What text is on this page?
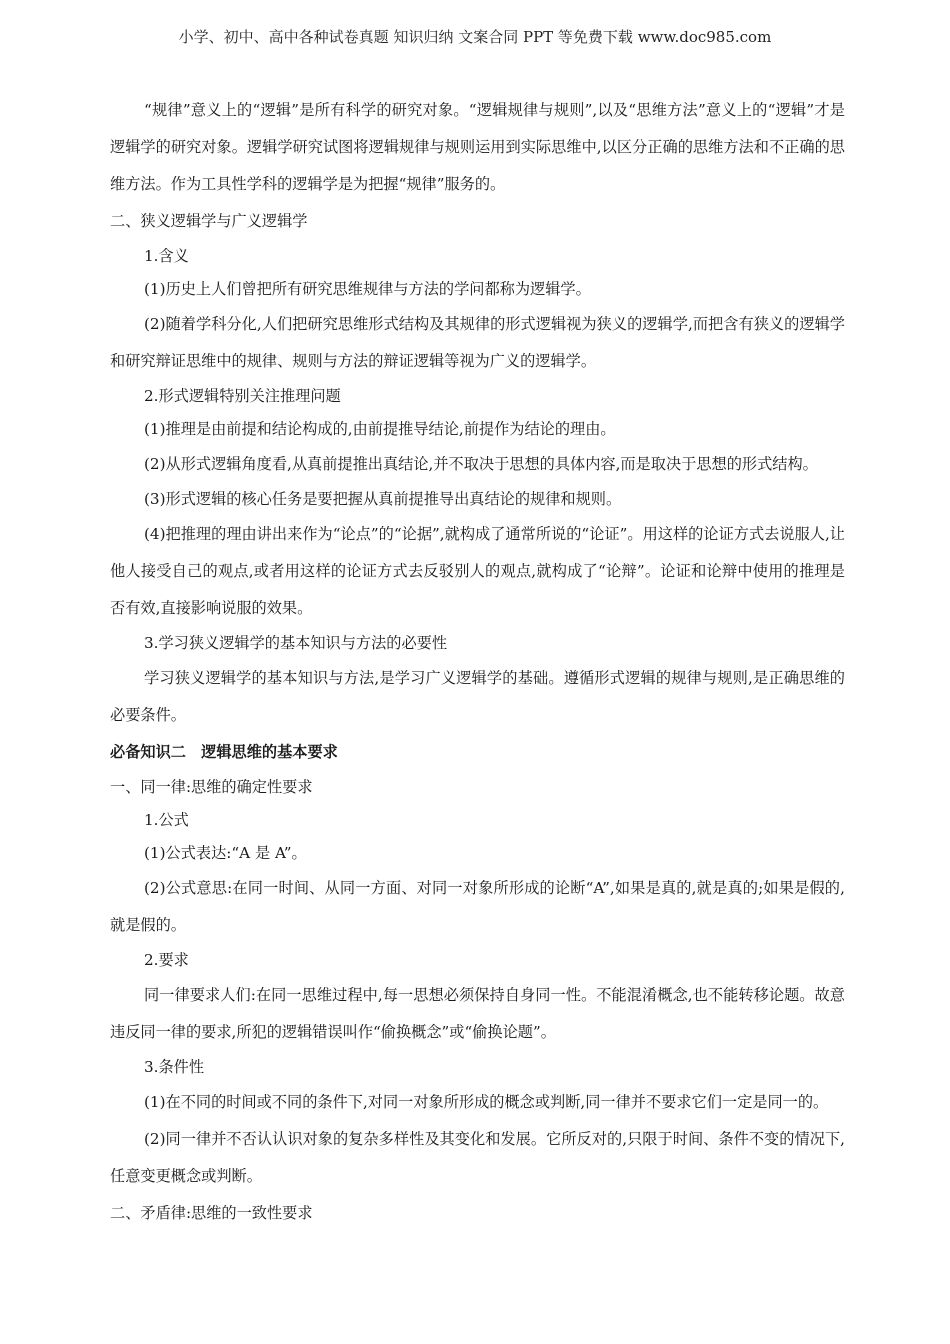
小学、初中、高中各种试卷真题 知识归纳 文案合同 PPT 等免费下载 www.doc985.com

“规律”意义上的“逻辑”是所有科学的研究对象。“逻辑规律与规则”,以及“思维方法”意义上的“逻辑”才是逻辑学的研究对象。逻辑学研究试图将逻辑规律与规则运用到实际思维中,以区分正确的思维方法和不正确的思维方法。作为工具性学科的逻辑学是为把握“规律”服务的。

二、狭义逻辑学与广义逻辑学

1.含义

(1)历史上人们曾把所有研究思维规律与方法的学问都称为逻辑学。

(2)随着学科分化,人们把研究思维形式结构及其规律的形式逻辑视为狭义的逻辑学,而把含有狭义的逻辑学和研究辩证思维中的规律、规则与方法的辩证逻辑等视为广义的逻辑学。

2.形式逻辑特别关注推理问题

(1)推理是由前提和结论构成的,由前提推导结论,前提作为结论的理由。

(2)从形式逻辑角度看,从真前提推出真结论,并不取决于思想的具体内容,而是取决于思想的形式结构。

(3)形式逻辑的核心任务是要把握从真前提推导出真结论的规律和规则。

(4)把推理的理由讲出来作为“论点”的“论据”,就构成了通常所说的“论证”。用这样的论证方式去说服人,让他人接受自己的观点,或者用这样的论证方式去反驳别人的观点,就构成了“论辩”。论证和论辩中使用的推理是否有效,直接影响说服的效果。

3.学习狭义逻辑学的基本知识与方法的必要性

学习狭义逻辑学的基本知识与方法,是学习广义逻辑学的基础。遵循形式逻辑的规律与规则,是正确思维的必要条件。

必备知识二　逻辑思维的基本要求

一、同一律:思维的确定性要求

1.公式

(1)公式表达:“A 是 A”。

(2)公式意思:在同一时间、从同一方面、对同一对象所形成的论断“A”,如果是真的,就是真的;如果是假的,就是假的。

2.要求

同一律要求人们:在同一思维过程中,每一思想必须保持自身同一性。不能混淆概念,也不能转移论题。故意违反同一律的要求,所犯的逻辑错误叫作“偷换概念”或“偷换论题”。

3.条件性

(1)在不同的时间或不同的条件下,对同一对象所形成的概念或判断,同一律并不要求它们一定是同一的。

(2)同一律并不否认认识对象的复杂多样性及其变化和发展。它所反对的,只限于时间、条件不变的情况下,任意变更概念或判断。

二、矛盾律:思维的一致性要求
